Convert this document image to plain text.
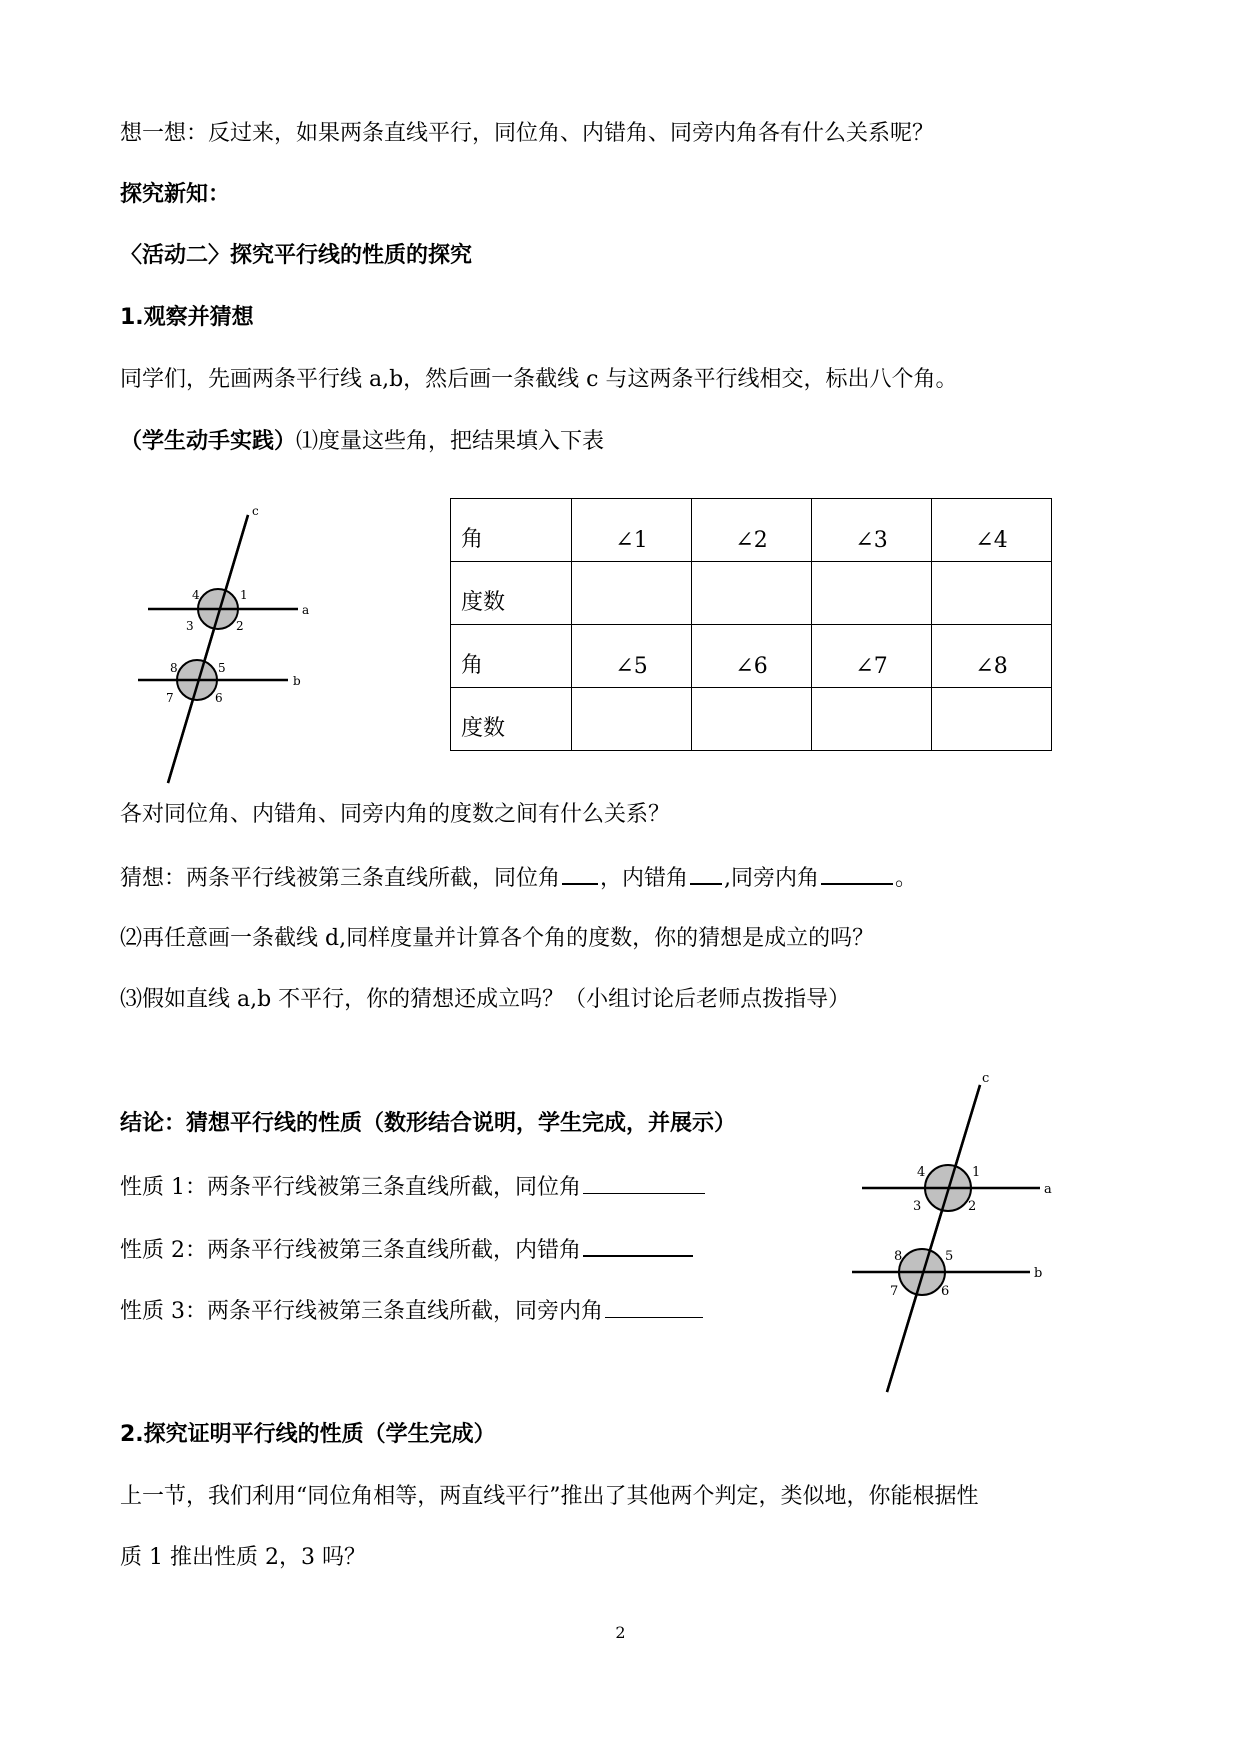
想一想：反过来，如果两条直线平行，同位角、内错角、同旁内角各有什么关系呢？
探究新知：
〈活动二〉探究平行线的性质的探究
1.观察并猜想
同学们，先画两条平行线 a,b，然后画一条截线 c 与这两条平行线相交，标出八个角。
（学生动手实践）⑴度量这些角，把结果填入下表
c
a
b
1
2
3
4
5
6
7
8
角	∠1	∠2	∠3	∠4

度数				

角	∠5	∠6	∠7	∠8

度数				

各对同位角、内错角、同旁内角的度数之间有什么关系？
猜想：两条平行线被第三条直线所截，同位角 ，内错角 ,同旁内角	。
⑵再任意画一条截线 d,同样度量并计算各个角的度数，你的猜想是成立的吗？
⑶假如直线 a,b 不平行，你的猜想还成立吗？（小组讨论后老师点拨指导）
结论：猜想平行线的性质（数形结合说明，学生完成，并展示）
性质 1：两条平行线被第三条直线所截，同位角
性质 2：两条平行线被第三条直线所截，内错角
性质 3：两条平行线被第三条直线所截，同旁内角
c
a
b
1
2
3
4
5
6
7
8
2.探究证明平行线的性质（学生完成）
上一节，我们利用“同位角相等，两直线平行”推出了其他两个判定，类似地，你能根据性
质 1 推出性质 2，3 吗？
2
